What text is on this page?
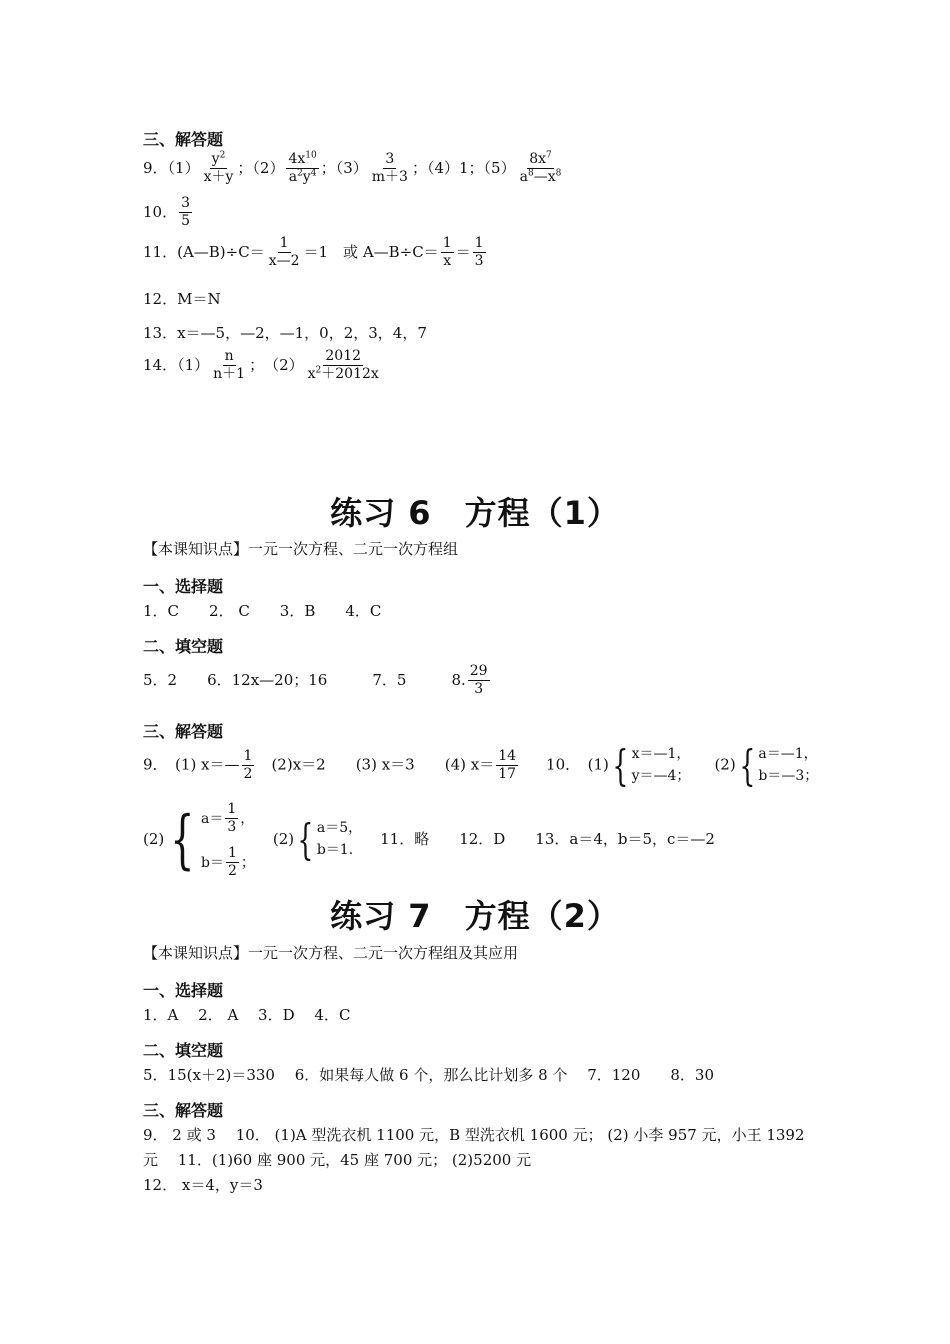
三、解答题
9．$(1) \frac{y^2}{x+y}$ ；$(2) \frac{4x^{10}}{a^2y^4}$ ；$(3) \frac{3}{m+3}$ ；（4）1；$(5) \frac{8x^7}{a^8—x^8}$
10． $\frac{3}{5}$
11．(A—B)÷C＝ $\frac{1}{x—2} =1$　或 A—B÷C＝ $\frac{1}{x} = \frac{1}{3}$
12．M＝N
13．x＝—5，—2，—1，0，2，3，4，7
14．$(1) \frac{n}{n+1}$ ；　$(2) \frac{2012}{x^2+2012x}$
练习 6　方程（1）
【本课知识点】一元一次方程、二元一次方程组
一、选择题
1．C　　2． C　　3．B　　4．C
二、填空题
5．2　　6．12x—20；16　　　7．5　　　8. $\frac{29}{3}$
三、解答题
9．　(1) x＝— $\frac{1}{2}$ 　(2)x＝2　　(3) x＝3　　(4) $x= \frac{14}{17} 10$．　(1) { x＝—1，
y＝—4；
(2) { a＝—1，
b＝—3；
(2) { $a= \frac{1}{3}$ ，
$b= \frac{1}{2}$ ；
(2) { a＝5，
b＝1.
11．略　　12．D　　13．a＝4，b＝5，c＝—2
练习 7　方程（2）
【本课知识点】一元一次方程、二元一次方程组及其应用
一、选择题
1．A　 2． A　 3．D　 4．C
二、填空题
5．15(x＋2)＝330　 6．如果每人做 6 个，那么比计划多 8 个　 7．120　　8．30
三、解答题
9． 2 或 3　 10． (1)A 型洗衣机 1100 元，B 型洗衣机 1600 元； (2) 小李 957 元，小王 1392
元　 11．(1)60 座 900 元，45 座 700 元； (2)5200 元
12． x＝4，y＝3
